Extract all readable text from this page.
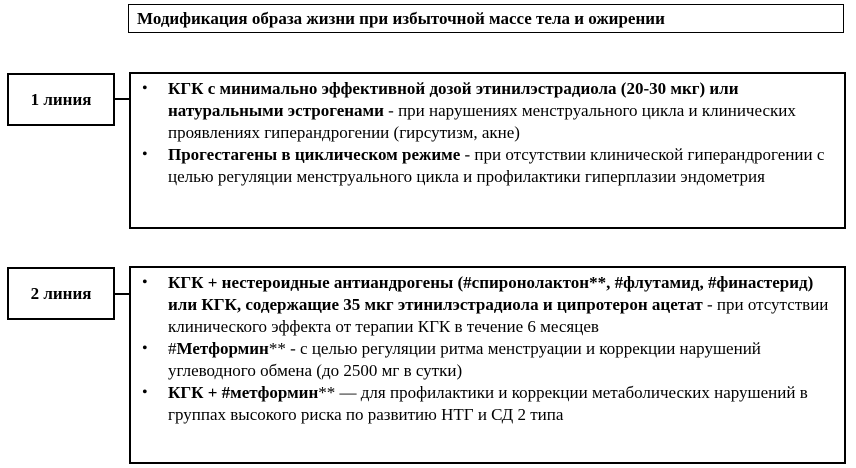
Модификация образа жизни при избыточной массе тела и ожирении
1 линия
• КГК с минимально эффективной дозой этинилэстрадиола (20-30 мкг) или натуральными эстрогенами - при нарушениях менструального цикла и клинических проявлениях гиперандрогении (гирсутизм, акне)
• Прогестагены в циклическом режиме - при отсутствии клинической гиперандрогении с целью регуляции менструального цикла и профилактики гиперплазии эндометрия
2 линия
• КГК + нестероидные антиандрогены (#спиронолактон**, #флутамид, #финастерид) или КГК, содержащие 35 мкг этинилэстрадиола и ципротерон ацетат - при отсутствии клинического эффекта от терапии КГК в течение 6 месяцев
• #Метформин** - с целью регуляции ритма менструации и коррекции нарушений углеводного обмена (до 2500 мг в сутки)
• КГК + #метформин** — для профилактики и коррекции метаболических нарушений в группах высокого риска по развитию НТГ и СД 2 типа
